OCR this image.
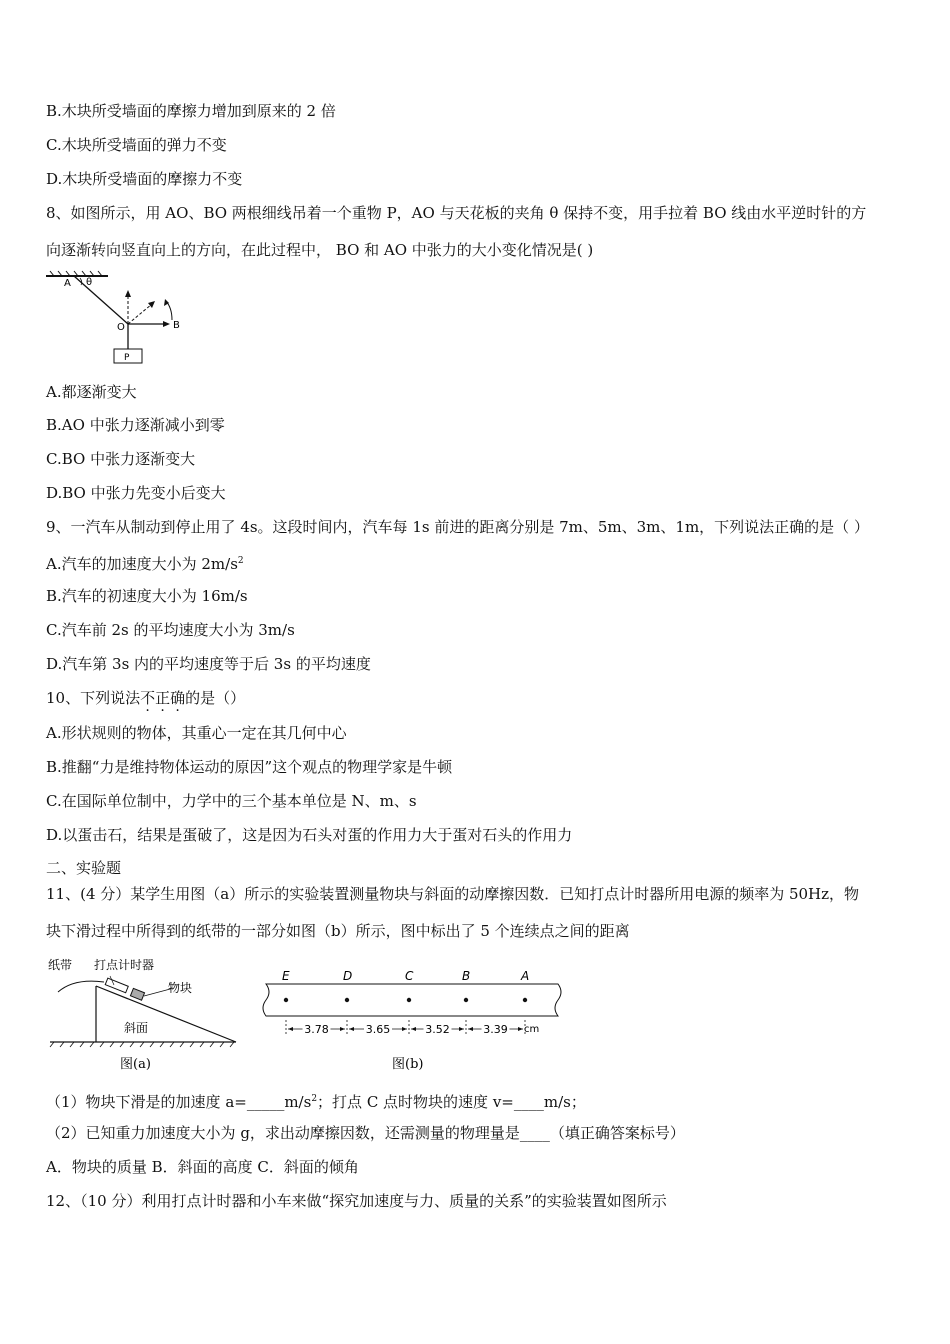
B.木块所受墙面的摩擦力增加到原来的 2 倍
C.木块所受墙面的弹力不变
D.木块所受墙面的摩擦力不变
8、如图所示，用 AO、BO 两根细线吊着一个重物 P，AO 与天花板的夹角 θ 保持不变，用手拉着 BO 线由水平逆时针的方
向逐渐转向竖直向上的方向，在此过程中， BO 和 AO 中张力的大小变化情况是( )
A θ
B
O
P
A.都逐渐变大
B.AO 中张力逐渐减小到零
C.BO 中张力逐渐变大
D.BO 中张力先变小后变大
9、一汽车从制动到停止用了 4s。这段时间内，汽车每 1s 前进的距离分别是 7m、5m、3m、1m，下列说法正确的是（ ）
A.汽车的加速度大小为 $2m/s^2$
B.汽车的初速度大小为 16m/s
C.汽车前 2s 的平均速度大小为 3m/s
D.汽车第 3s 内的平均速度等于后 3s 的平均速度
10、下列说法不正确的是（）
A.形状规则的物体，其重心一定在其几何中心
B.推翻“力是维持物体运动的原因”这个观点的物理学家是牛顿
C.在国际单位制中，力学中的三个基本单位是 N、m、s
D.以蛋击石，结果是蛋破了，这是因为石头对蛋的作用力大于蛋对石头的作用力
二、实验题
11、(4 分）某学生用图（a）所示的实验装置测量物块与斜面的动摩擦因数．已知打点计时器所用电源的频率为 50Hz，物
块下滑过程中所得到的纸带的一部分如图（b）所示，图中标出了 5 个连续点之间的距离
纸带 打点计时器
物块
斜面
图(a)
E	D	C	B	A
3.78	3.65	3.52	3.39 cm
图(b)
（1）物块下滑是的加速度 $a=\_\_\_\_\_m/s^2$；打点 C 点时物块的速度 v=____m/s；
（2）已知重力加速度大小为 g，求出动摩擦因数，还需测量的物理量是____（填正确答案标号）
A．物块的质量 B．斜面的高度 C．斜面的倾角
12、（10 分）利用打点计时器和小车来做“探究加速度与力、质量的关系”的实验装置如图所示
